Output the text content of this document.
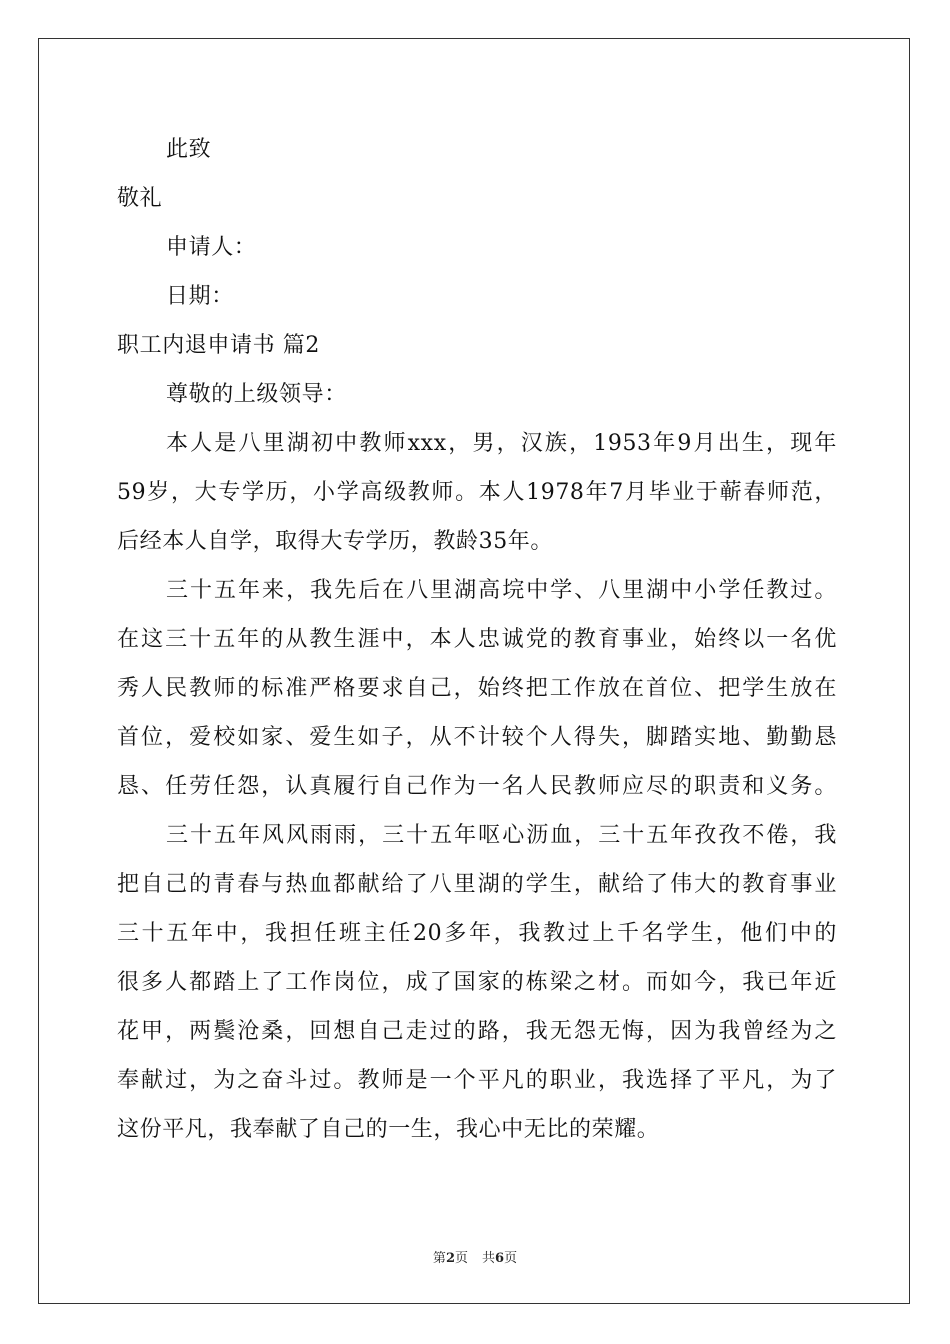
此致
敬礼
申请人：
日期：
职工内退申请书 篇2
尊敬的上级领导：
本人是八里湖初中教师xxx，男，汉族，1953年9月出生，现年
59岁，大专学历，小学高级教师。本人1978年7月毕业于蕲春师范，
后经本人自学，取得大专学历，教龄35年。
三十五年来，我先后在八里湖高垸中学、八里湖中小学任教过。
在这三十五年的从教生涯中，本人忠诚党的教育事业，始终以一名优
秀人民教师的标准严格要求自己，始终把工作放在首位、把学生放在
首位，爱校如家、爱生如子，从不计较个人得失，脚踏实地、勤勤恳
恳、任劳任怨，认真履行自己作为一名人民教师应尽的职责和义务。
三十五年风风雨雨，三十五年呕心沥血，三十五年孜孜不倦，我
把自己的青春与热血都献给了八里湖的学生，献给了伟大的教育事业
三十五年中，我担任班主任20多年，我教过上千名学生，他们中的
很多人都踏上了工作岗位，成了国家的栋梁之材。而如今，我已年近
花甲，两鬓沧桑，回想自己走过的路，我无怨无悔，因为我曾经为之
奉献过，为之奋斗过。教师是一个平凡的职业，我选择了平凡，为了
这份平凡，我奉献了自己的一生，我心中无比的荣耀。
第2页 共6页
